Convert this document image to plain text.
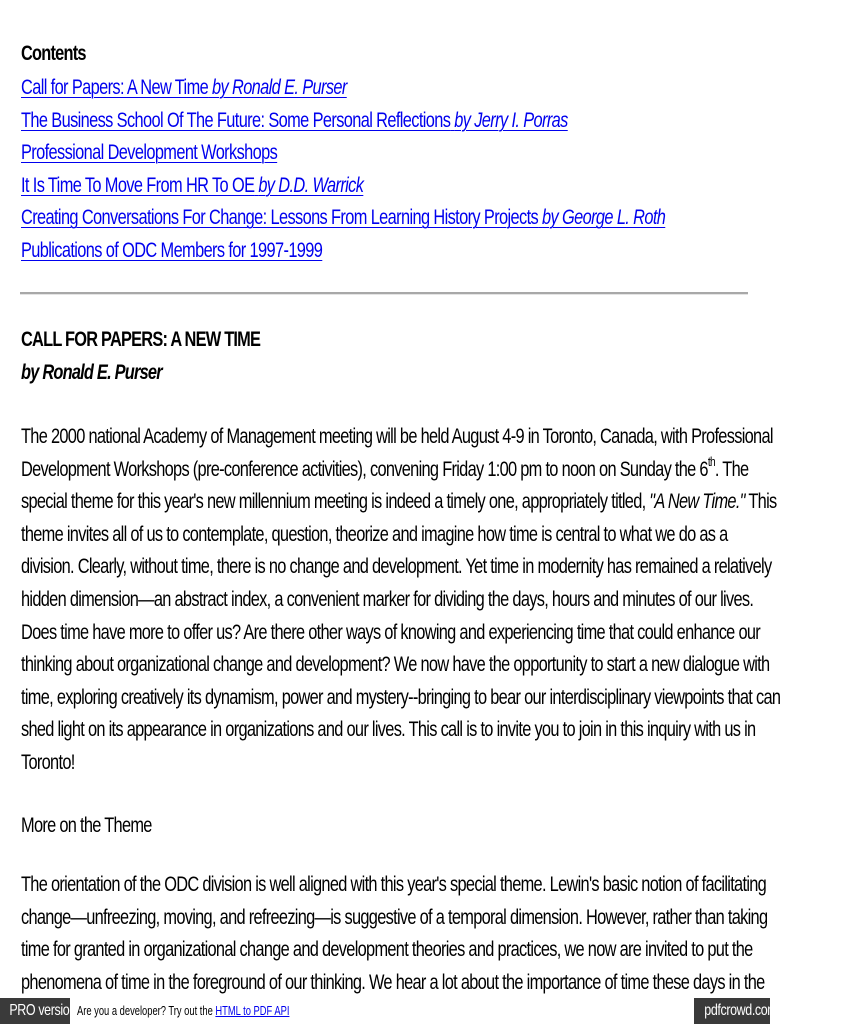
Contents
Call for Papers: A New Time by Ronald E. Purser
The Business School Of The Future: Some Personal Reflections by Jerry I. Porras
Professional Development Workshops
It Is Time To Move From HR To OE by D.D. Warrick
Creating Conversations For Change: Lessons From Learning History Projects by George L. Roth
Publications of ODC Members for 1997-1999
CALL FOR PAPERS: A NEW TIME
by Ronald E. Purser
The 2000 national Academy of Management meeting will be held August 4-9 in Toronto, Canada, with Professional
Development Workshops (pre-conference activities), convening Friday 1:00 pm to noon on Sunday the 6th. The
special theme for this year's new millennium meeting is indeed a timely one, appropriately titled, "A New Time." This
theme invites all of us to contemplate, question, theorize and imagine how time is central to what we do as a
division. Clearly, without time, there is no change and development. Yet time in modernity has remained a relatively
hidden dimension—an abstract index, a convenient marker for dividing the days, hours and minutes of our lives.
Does time have more to offer us? Are there other ways of knowing and experiencing time that could enhance our
thinking about organizational change and development? We now have the opportunity to start a new dialogue with
time, exploring creatively its dynamism, power and mystery--bringing to bear our interdisciplinary viewpoints that can
shed light on its appearance in organizations and our lives. This call is to invite you to join in this inquiry with us in
Toronto!
More on the Theme
The orientation of the ODC division is well aligned with this year's special theme. Lewin's basic notion of facilitating
change—unfreezing, moving, and refreezing—is suggestive of a temporal dimension. However, rather than taking
time for granted in organizational change and development theories and practices, we now are invited to put the
phenomena of time in the foreground of our thinking. We hear a lot about the importance of time these days in the
PRO version Are you a developer? Try out the HTML to PDF API	pdfcrowd.com
